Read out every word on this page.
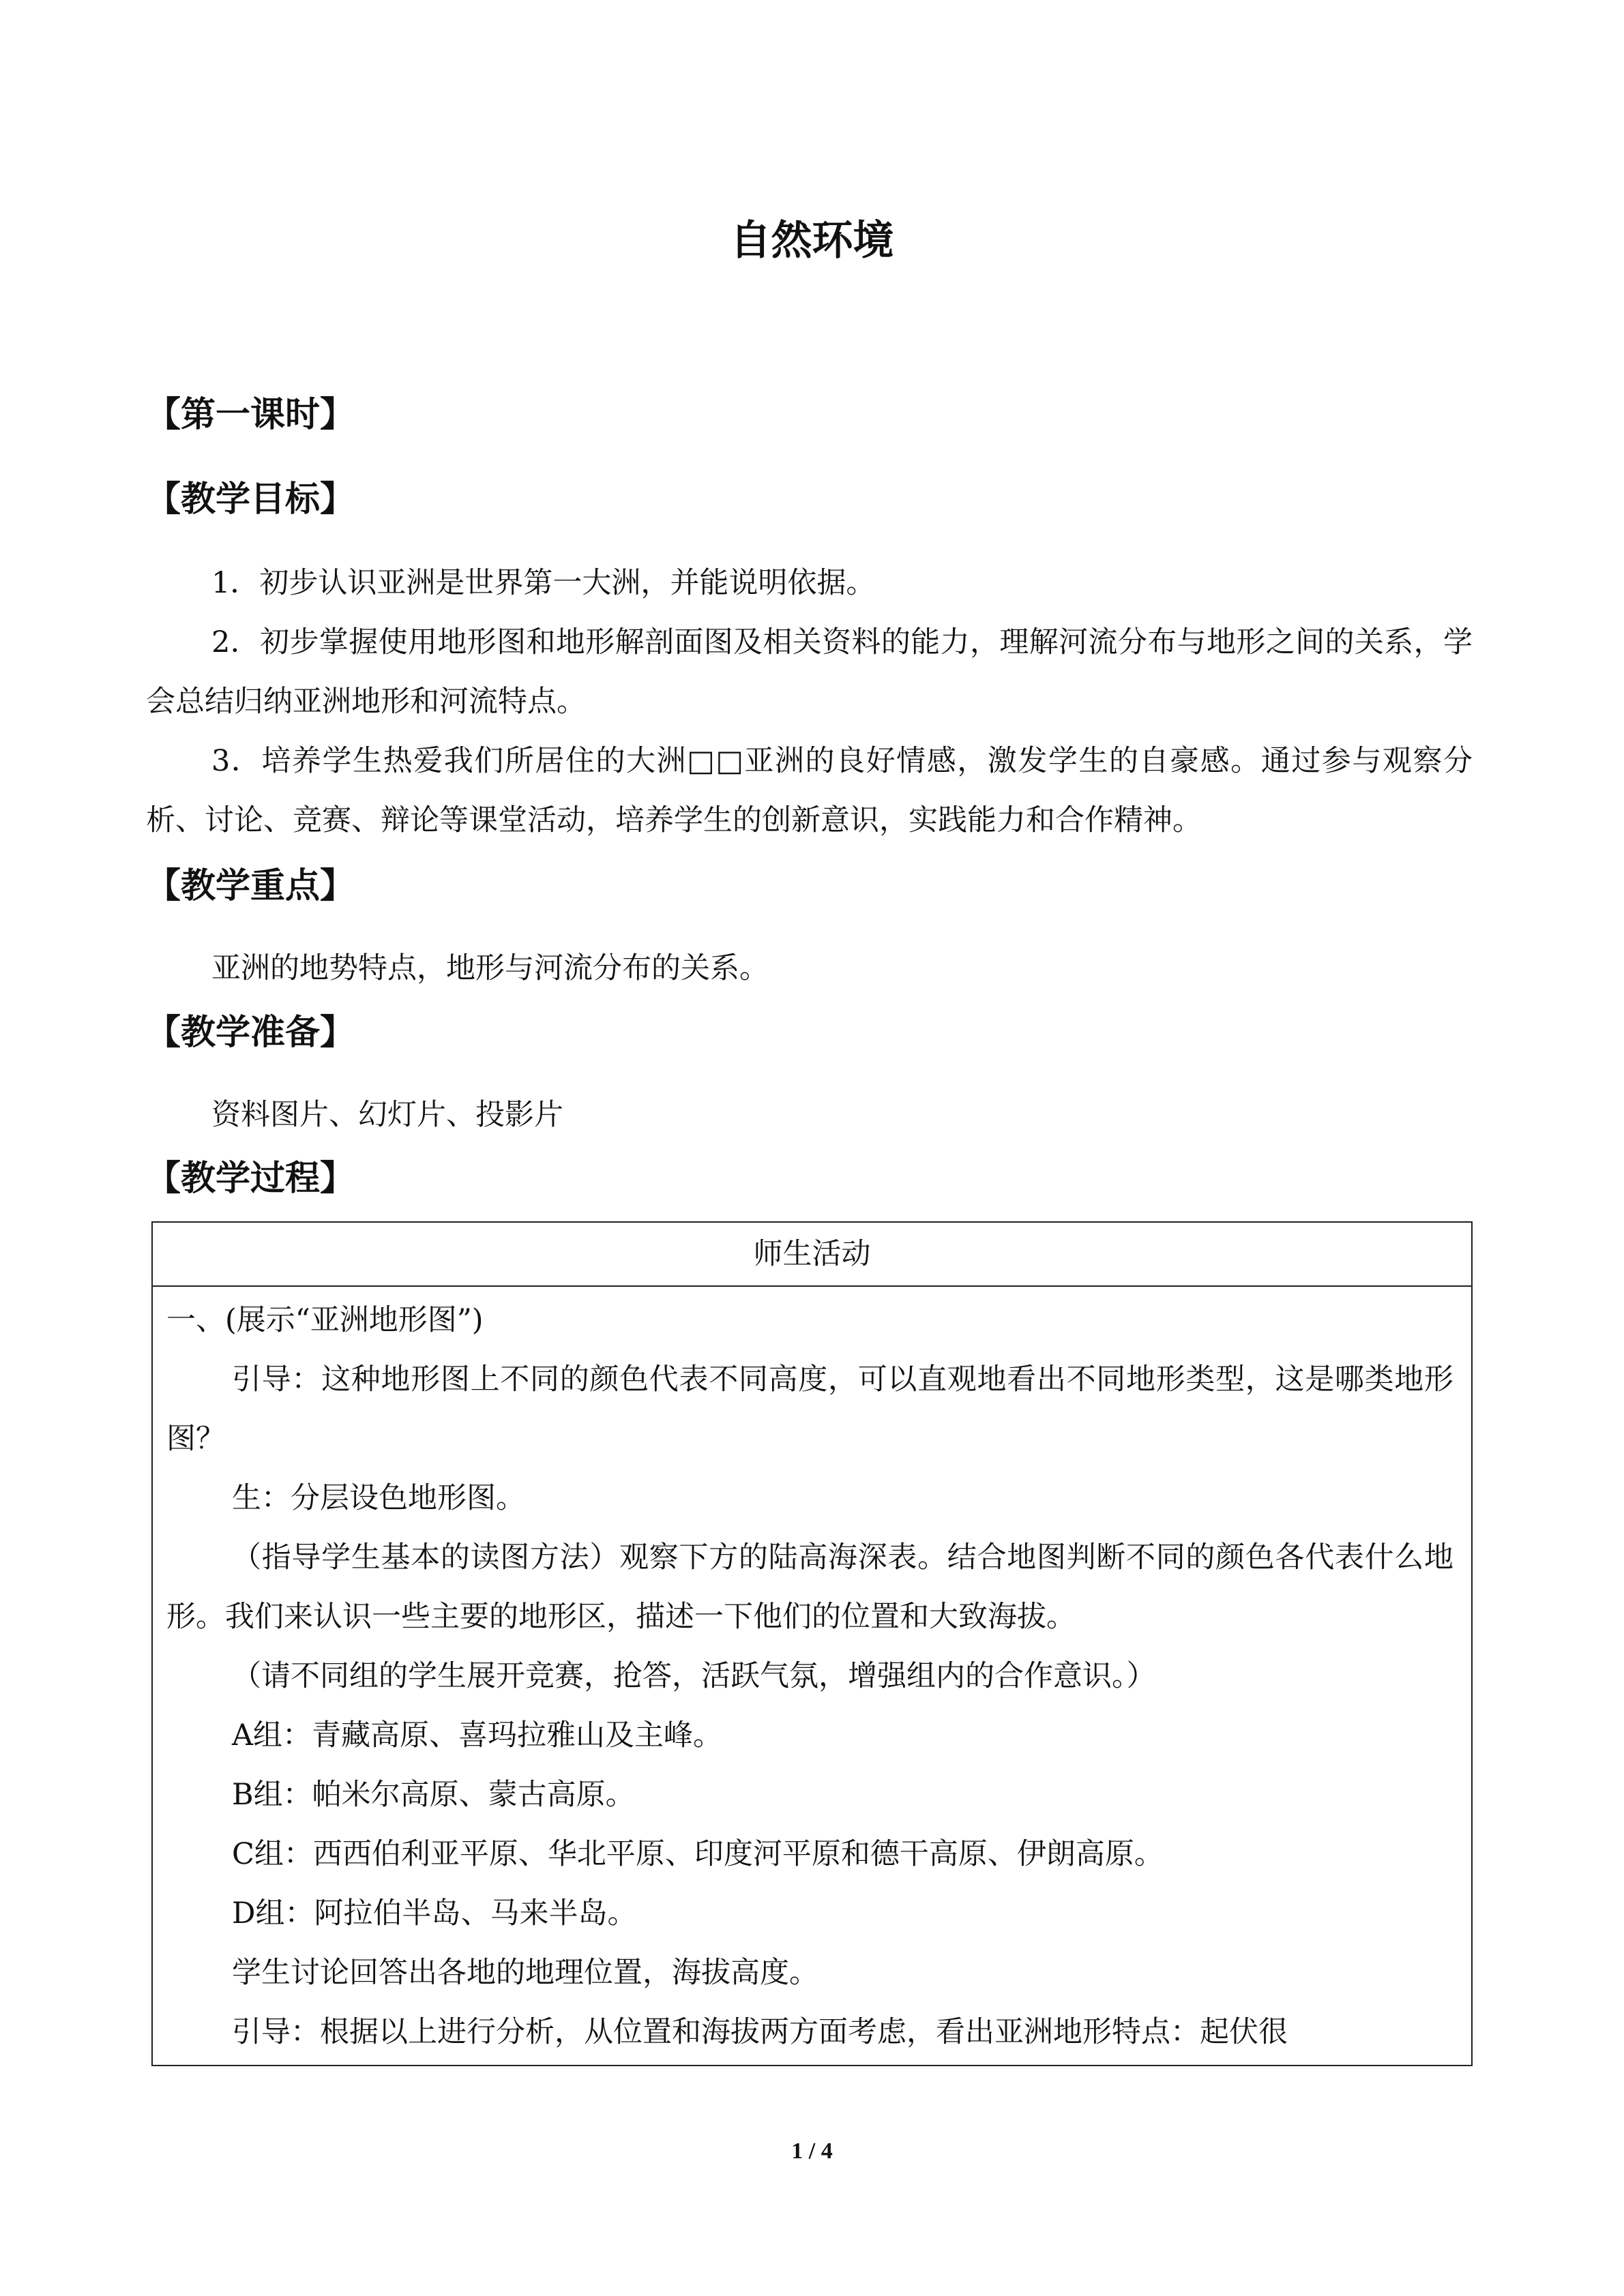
自然环境
【第一课时】
【教学目标】
1．初步认识亚洲是世界第一大洲，并能说明依据。
2．初步掌握使用地形图和地形解剖面图及相关资料的能力，理解河流分布与地形之间的关系，学会总结归纳亚洲地形和河流特点。
3．培养学生热爱我们所居住的大洲□□亚洲的良好情感，激发学生的自豪感。通过参与观察分析、讨论、竞赛、辩论等课堂活动，培养学生的创新意识，实践能力和合作精神。
【教学重点】
亚洲的地势特点，地形与河流分布的关系。
【教学准备】
资料图片、幻灯片、投影片
【教学过程】
师生活动
一、(展示“亚洲地形图”)
引导：这种地形图上不同的颜色代表不同高度，可以直观地看出不同地形类型，这是哪类地形图？
生：分层设色地形图。
（指导学生基本的读图方法）观察下方的陆高海深表。结合地图判断不同的颜色各代表什么地形。我们来认识一些主要的地形区，描述一下他们的位置和大致海拔。
（请不同组的学生展开竞赛，抢答，活跃气氛，增强组内的合作意识。）
A组：青藏高原、喜玛拉雅山及主峰。
B组：帕米尔高原、蒙古高原。
C组：西西伯利亚平原、华北平原、印度河平原和德干高原、伊朗高原。
D组：阿拉伯半岛、马来半岛。
学生讨论回答出各地的地理位置，海拔高度。
引导：根据以上进行分析，从位置和海拔两方面考虑，看出亚洲地形特点：起伏很
1 / 4
